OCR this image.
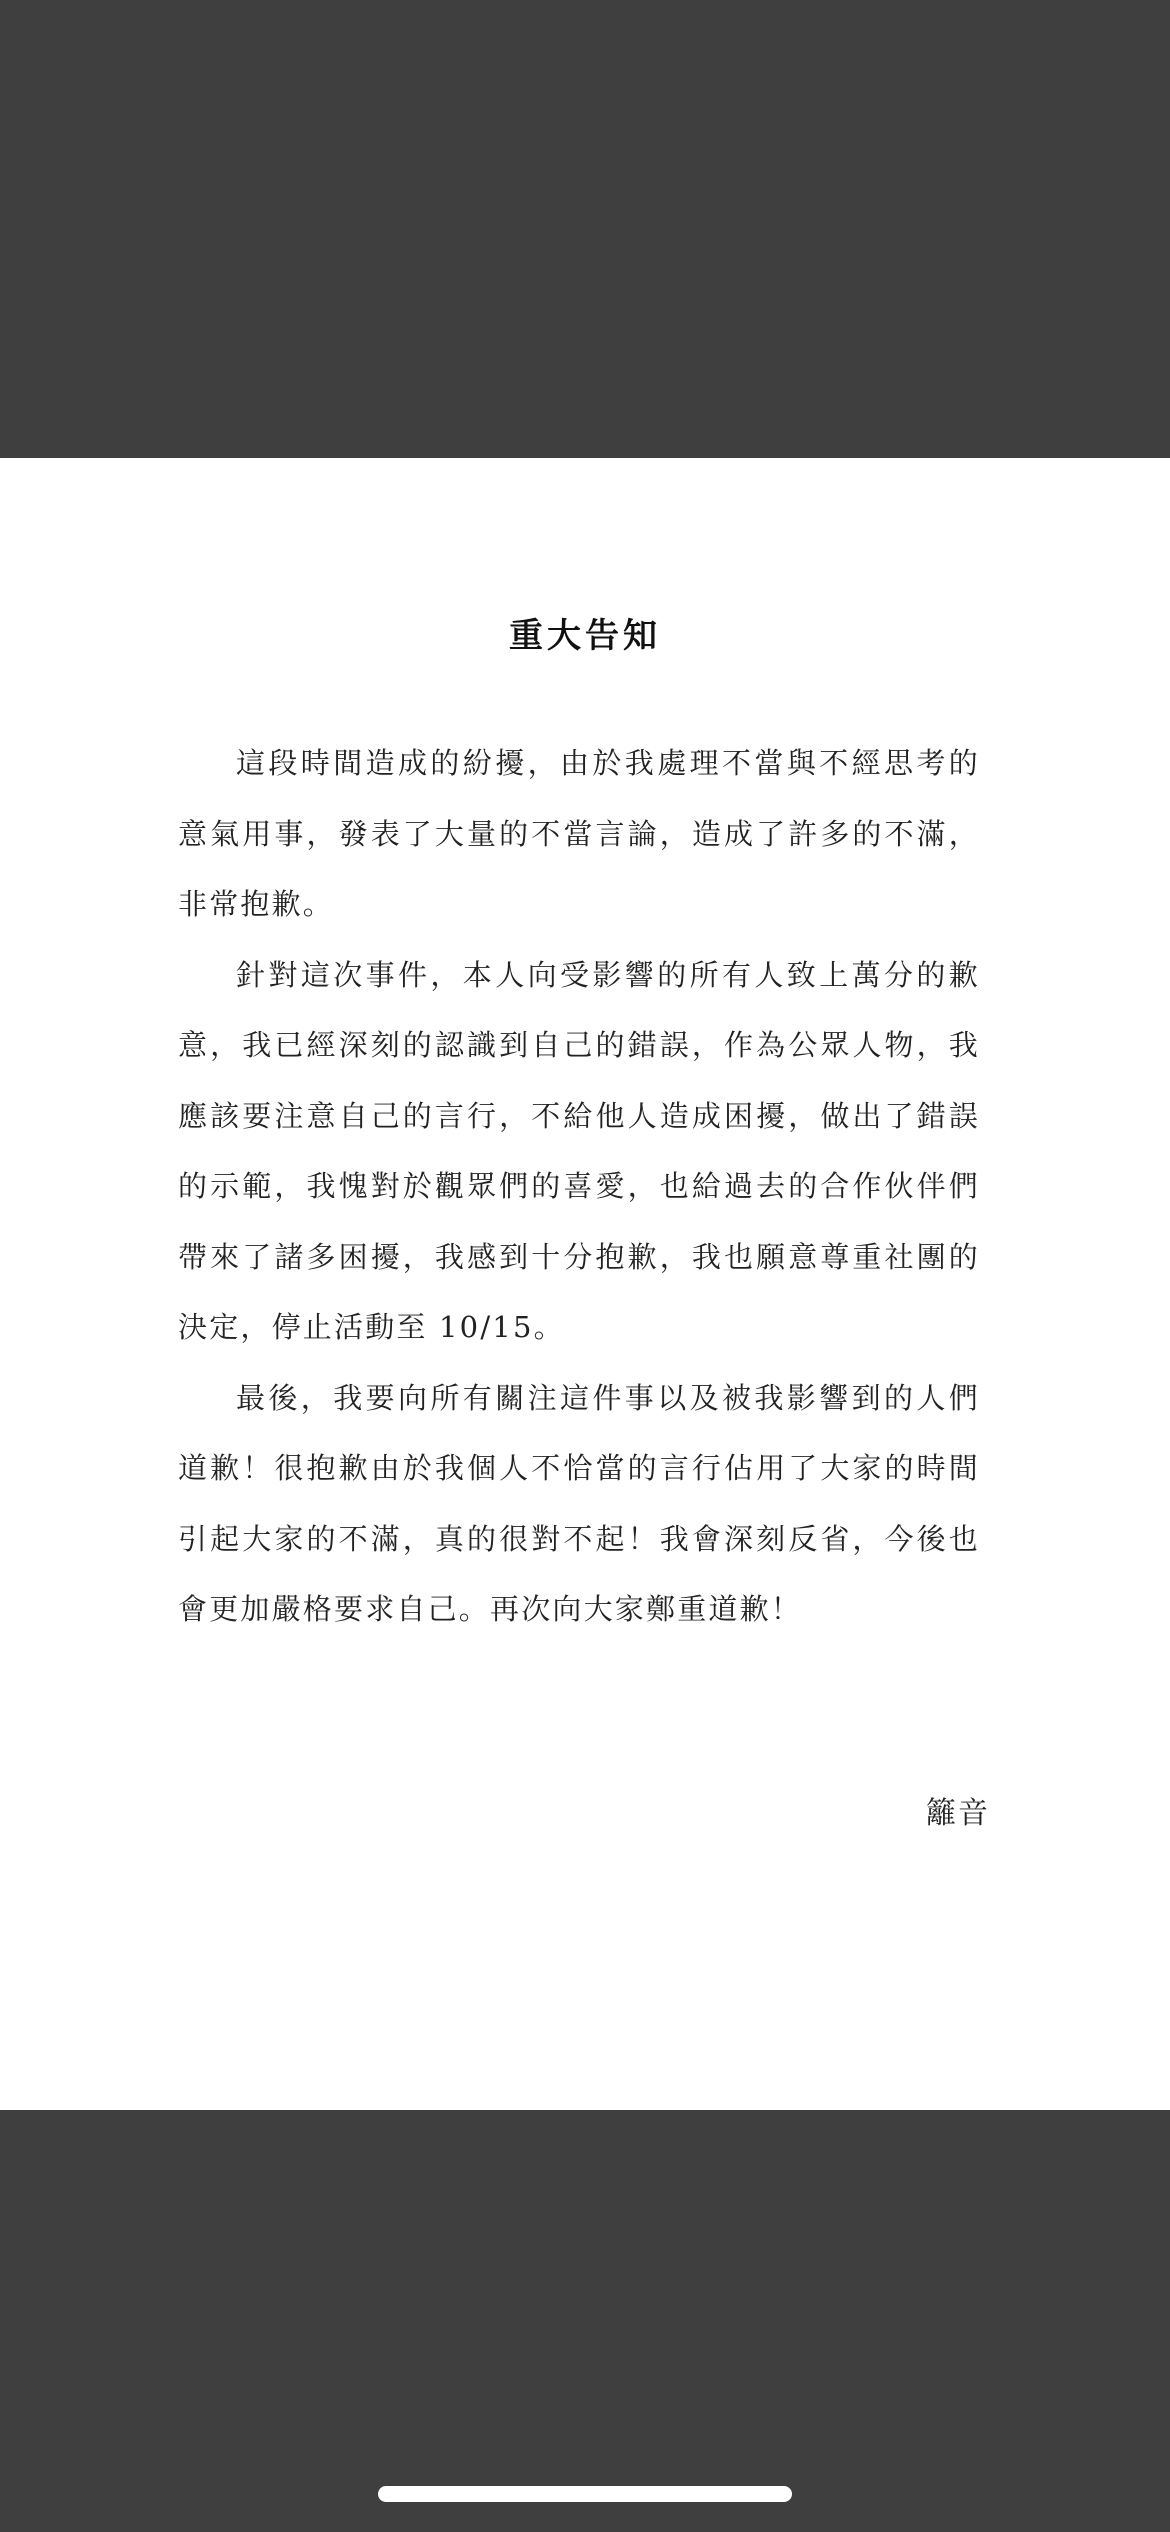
重大告知

這段時間造成的紛擾，由於我處理不當與不經思考的意氣用事，發表了大量的不當言論，造成了許多的不滿，非常抱歉。

針對這次事件，本人向受影響的所有人致上萬分的歉意，我已經深刻的認識到自己的錯誤，作為公眾人物，我應該要注意自己的言行，不給他人造成困擾，做出了錯誤的示範，我愧對於觀眾們的喜愛，也給過去的合作伙伴們帶來了諸多困擾，我感到十分抱歉，我也願意尊重社團的決定，停止活動至 10/15。

最後，我要向所有關注這件事以及被我影響到的人們道歉！很抱歉由於我個人不恰當的言行佔用了大家的時間引起大家的不滿，真的很對不起！我會深刻反省，今後也會更加嚴格要求自己。再次向大家鄭重道歉！

籬音
